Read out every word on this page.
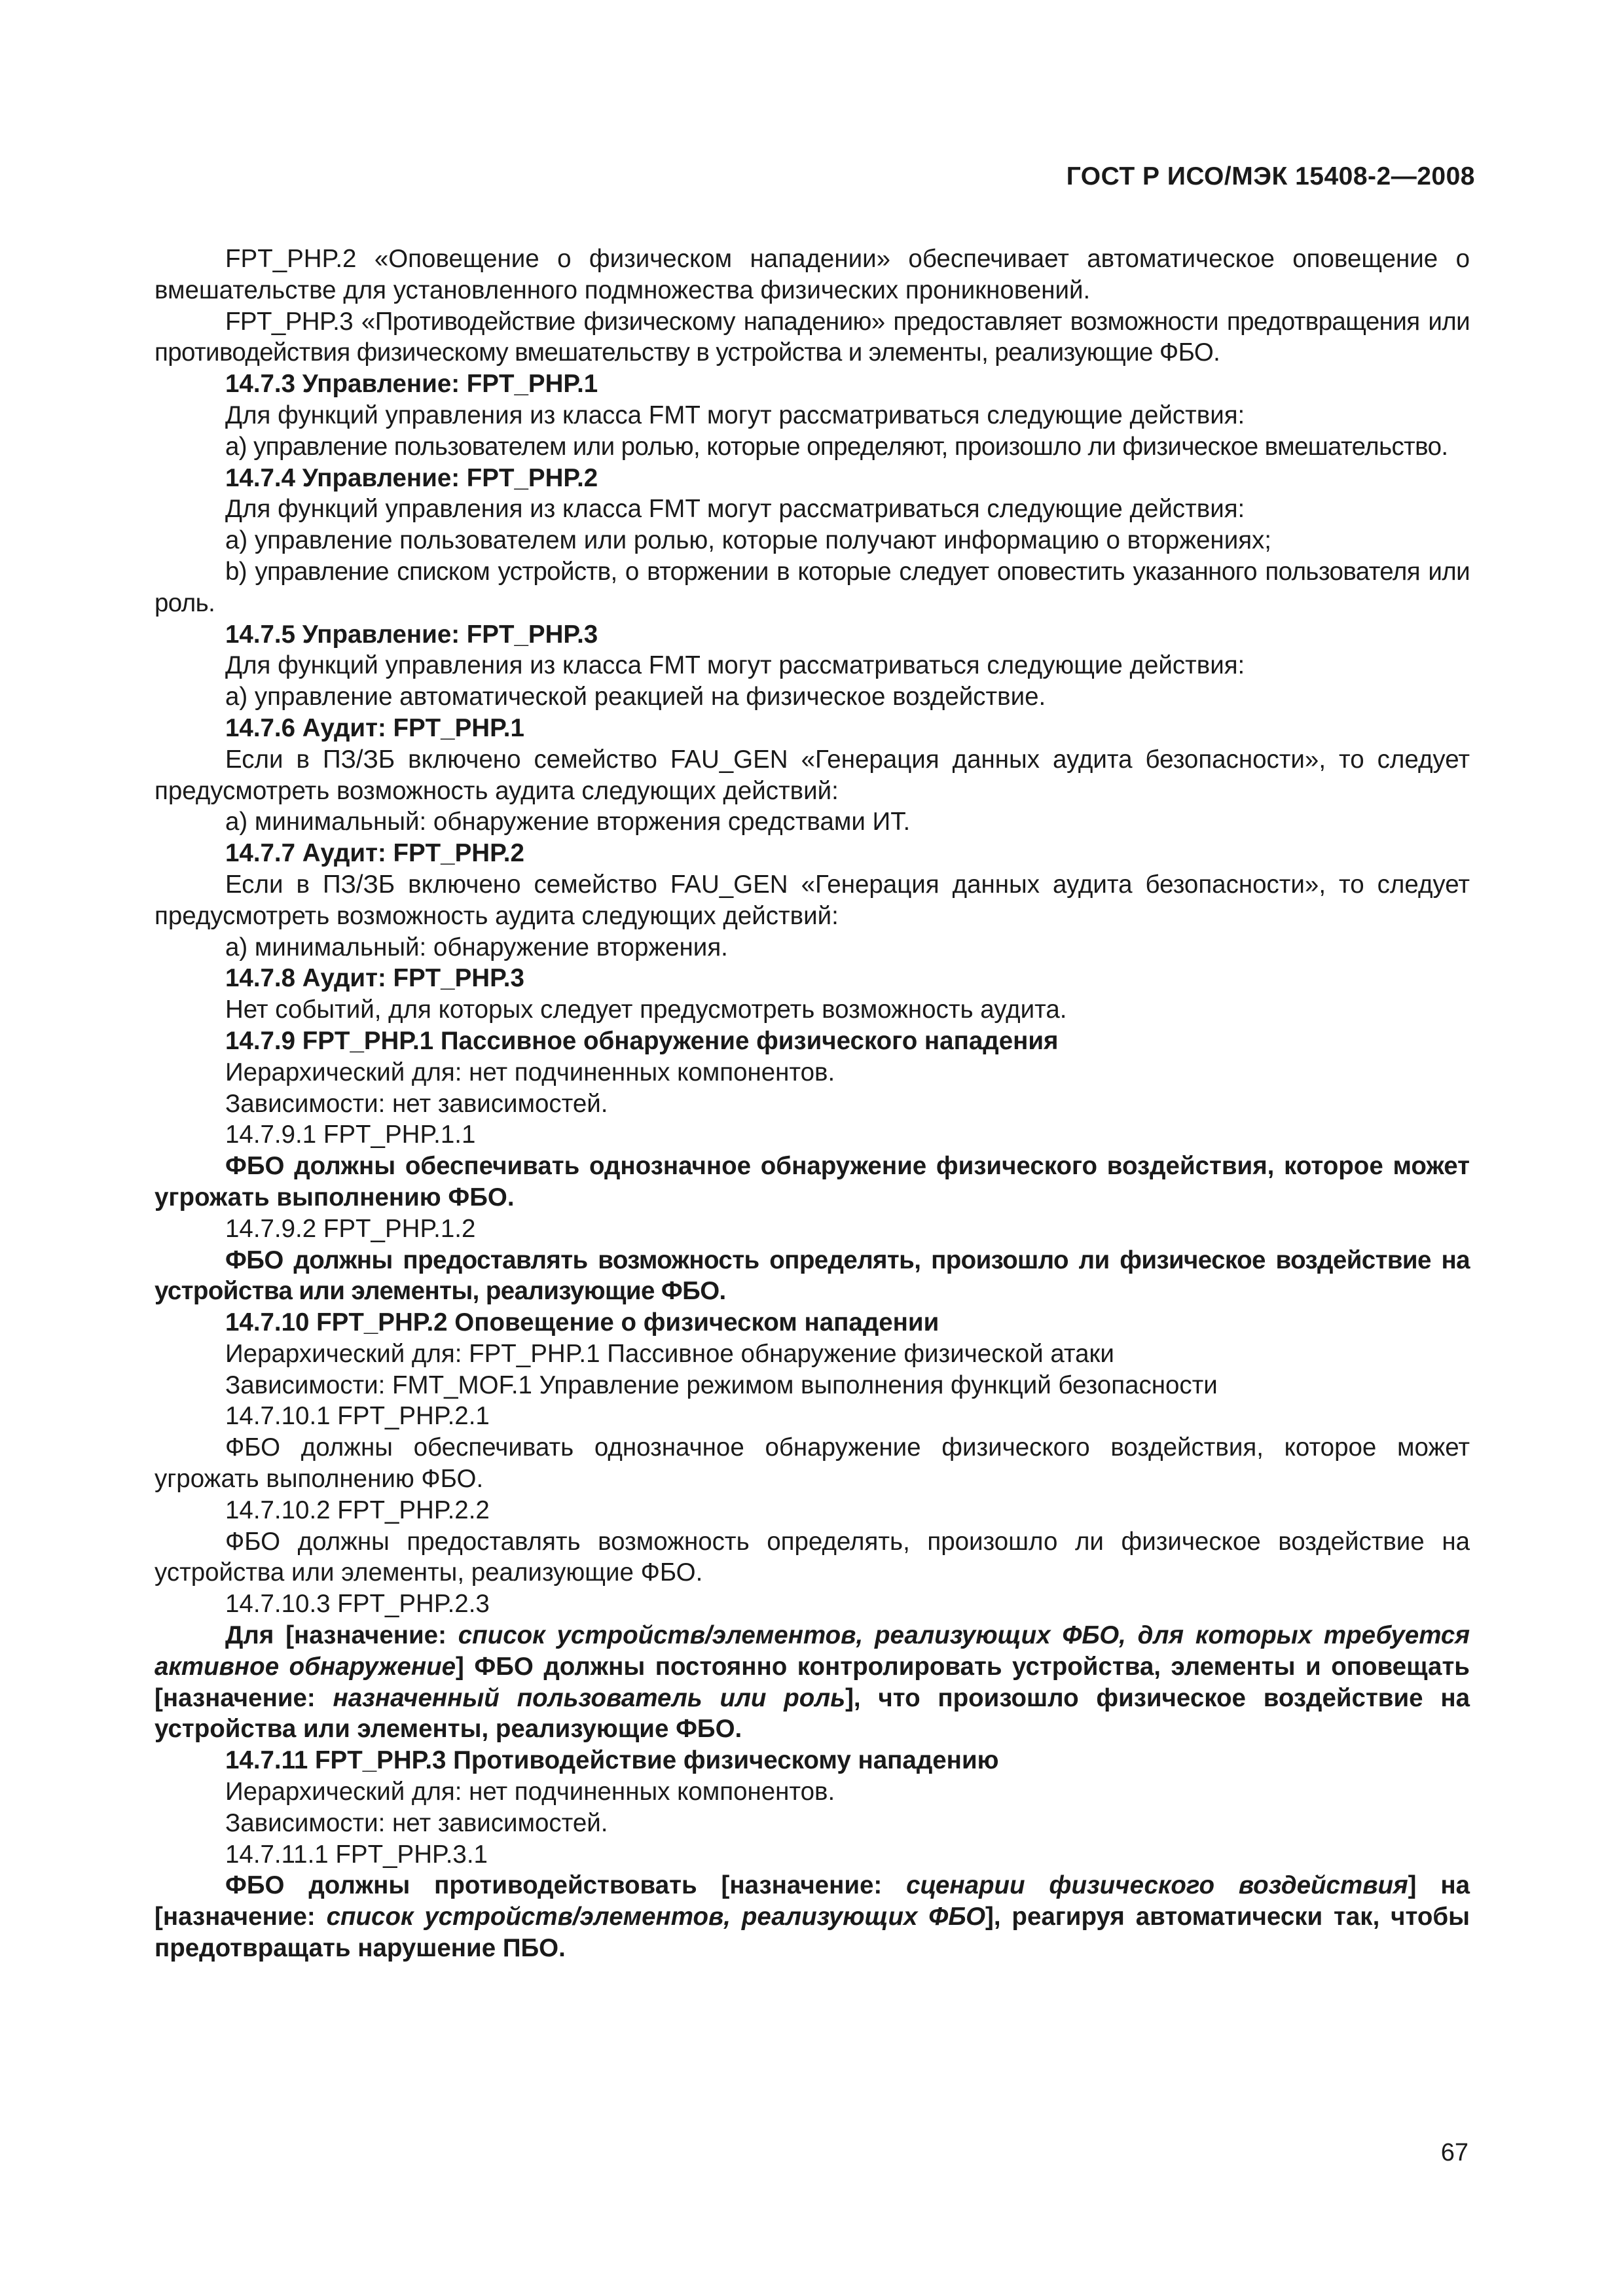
ГОСТ Р ИСО/МЭК 15408-2—2008

FPT_PHP.2 «Оповещение о физическом нападении» обеспечивает автоматическое оповещение о вмешательстве для установленного подмножества физических проникновений.

FPT_PHP.3 «Противодействие физическому нападению» предоставляет возможности предотвращения или противодействия физическому вмешательству в устройства и элементы, реализующие ФБО.

14.7.3 Управление: FPT_PHP.1

Для функций управления из класса FMT могут рассматриваться следующие действия:

а) управление пользователем или ролью, которые определяют, произошло ли физическое вмешательство.

14.7.4 Управление: FPT_PHP.2

Для функций управления из класса FMT могут рассматриваться следующие действия:

а) управление пользователем или ролью, которые получают информацию о вторжениях;

b) управление списком устройств, о вторжении в которые следует оповестить указанного пользователя или роль.

14.7.5 Управление: FPT_PHP.3

Для функций управления из класса FMT могут рассматриваться следующие действия:

а) управление автоматической реакцией на физическое воздействие.

14.7.6 Аудит: FPT_PHP.1

Если в ПЗ/ЗБ включено семейство FAU_GEN «Генерация данных аудита безопасности», то следует предусмотреть возможность аудита следующих действий:

а) минимальный: обнаружение вторжения средствами ИТ.

14.7.7 Аудит: FPT_PHP.2

Если в ПЗ/ЗБ включено семейство FAU_GEN «Генерация данных аудита безопасности», то следует предусмотреть возможность аудита следующих действий:

а) минимальный: обнаружение вторжения.

14.7.8 Аудит: FPT_PHP.3

Нет событий, для которых следует предусмотреть возможность аудита.

14.7.9 FPT_PHP.1 Пассивное обнаружение физического нападения

Иерархический для: нет подчиненных компонентов.

Зависимости: нет зависимостей.

14.7.9.1 FPT_PHP.1.1

ФБО должны обеспечивать однозначное обнаружение физического воздействия, которое может угрожать выполнению ФБО.

14.7.9.2 FPT_PHP.1.2

ФБО должны предоставлять возможность определять, произошло ли физическое воздействие на устройства или элементы, реализующие ФБО.

14.7.10 FPT_PHP.2 Оповещение о физическом нападении

Иерархический для: FPT_PHP.1 Пассивное обнаружение физической атаки

Зависимости: FMT_MOF.1 Управление режимом выполнения функций безопасности

14.7.10.1 FPT_PHP.2.1

ФБО должны обеспечивать однозначное обнаружение физического воздействия, которое может угрожать выполнению ФБО.

14.7.10.2 FPT_PHP.2.2

ФБО должны предоставлять возможность определять, произошло ли физическое воздействие на устройства или элементы, реализующие ФБО.

14.7.10.3 FPT_PHP.2.3

Для [назначение: список устройств/элементов, реализующих ФБО, для которых требуется активное обнаружение] ФБО должны постоянно контролировать устройства, элементы и оповещать [назначение: назначенный пользователь или роль], что произошло физическое воздействие на устройства или элементы, реализующие ФБО.

14.7.11 FPT_PHP.3 Противодействие физическому нападению

Иерархический для: нет подчиненных компонентов.

Зависимости: нет зависимостей.

14.7.11.1 FPT_PHP.3.1

ФБО должны противодействовать [назначение: сценарии физического воздействия] на [назначение: список устройств/элементов, реализующих ФБО], реагируя автоматически так, чтобы предотвращать нарушение ПБО.

67
